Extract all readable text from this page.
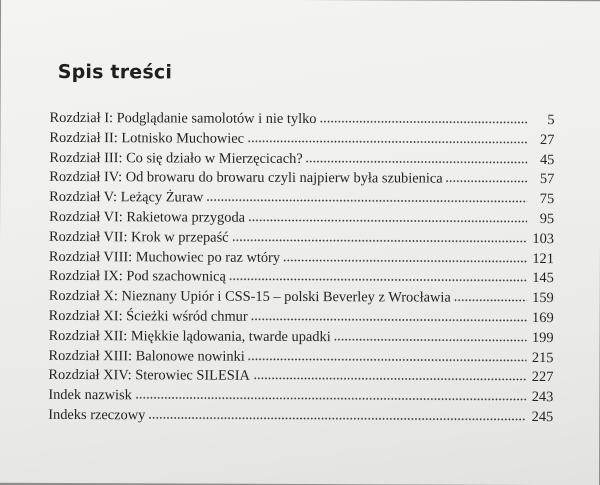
Spis treści
Rozdział I: Podglądanie samolotów i nie tylko	5
Rozdział II: Lotnisko Muchowiec	27
Rozdział III: Co się działo w Mierzęcicach?	45
Rozdział IV: Od browaru do browaru czyli najpierw była szubienica	57
Rozdział V: Leżący Żuraw	75
Rozdział VI: Rakietowa przygoda	95
Rozdział VII: Krok w przepaść	103
Rozdział VIII: Muchowiec po raz wtóry	121
Rozdział IX: Pod szachownicą	145
Rozdział X: Nieznany Upiór i CSS-15 – polski Beverley z Wrocławia	159
Rozdział XI: Ścieżki wśród chmur	169
Rozdział XII: Miękkie lądowania, twarde upadki	199
Rozdział XIII: Balonowe nowinki	215
Rozdział XIV: Sterowiec SILESIA	227
Indek nazwisk	243
Indeks rzeczowy	245
